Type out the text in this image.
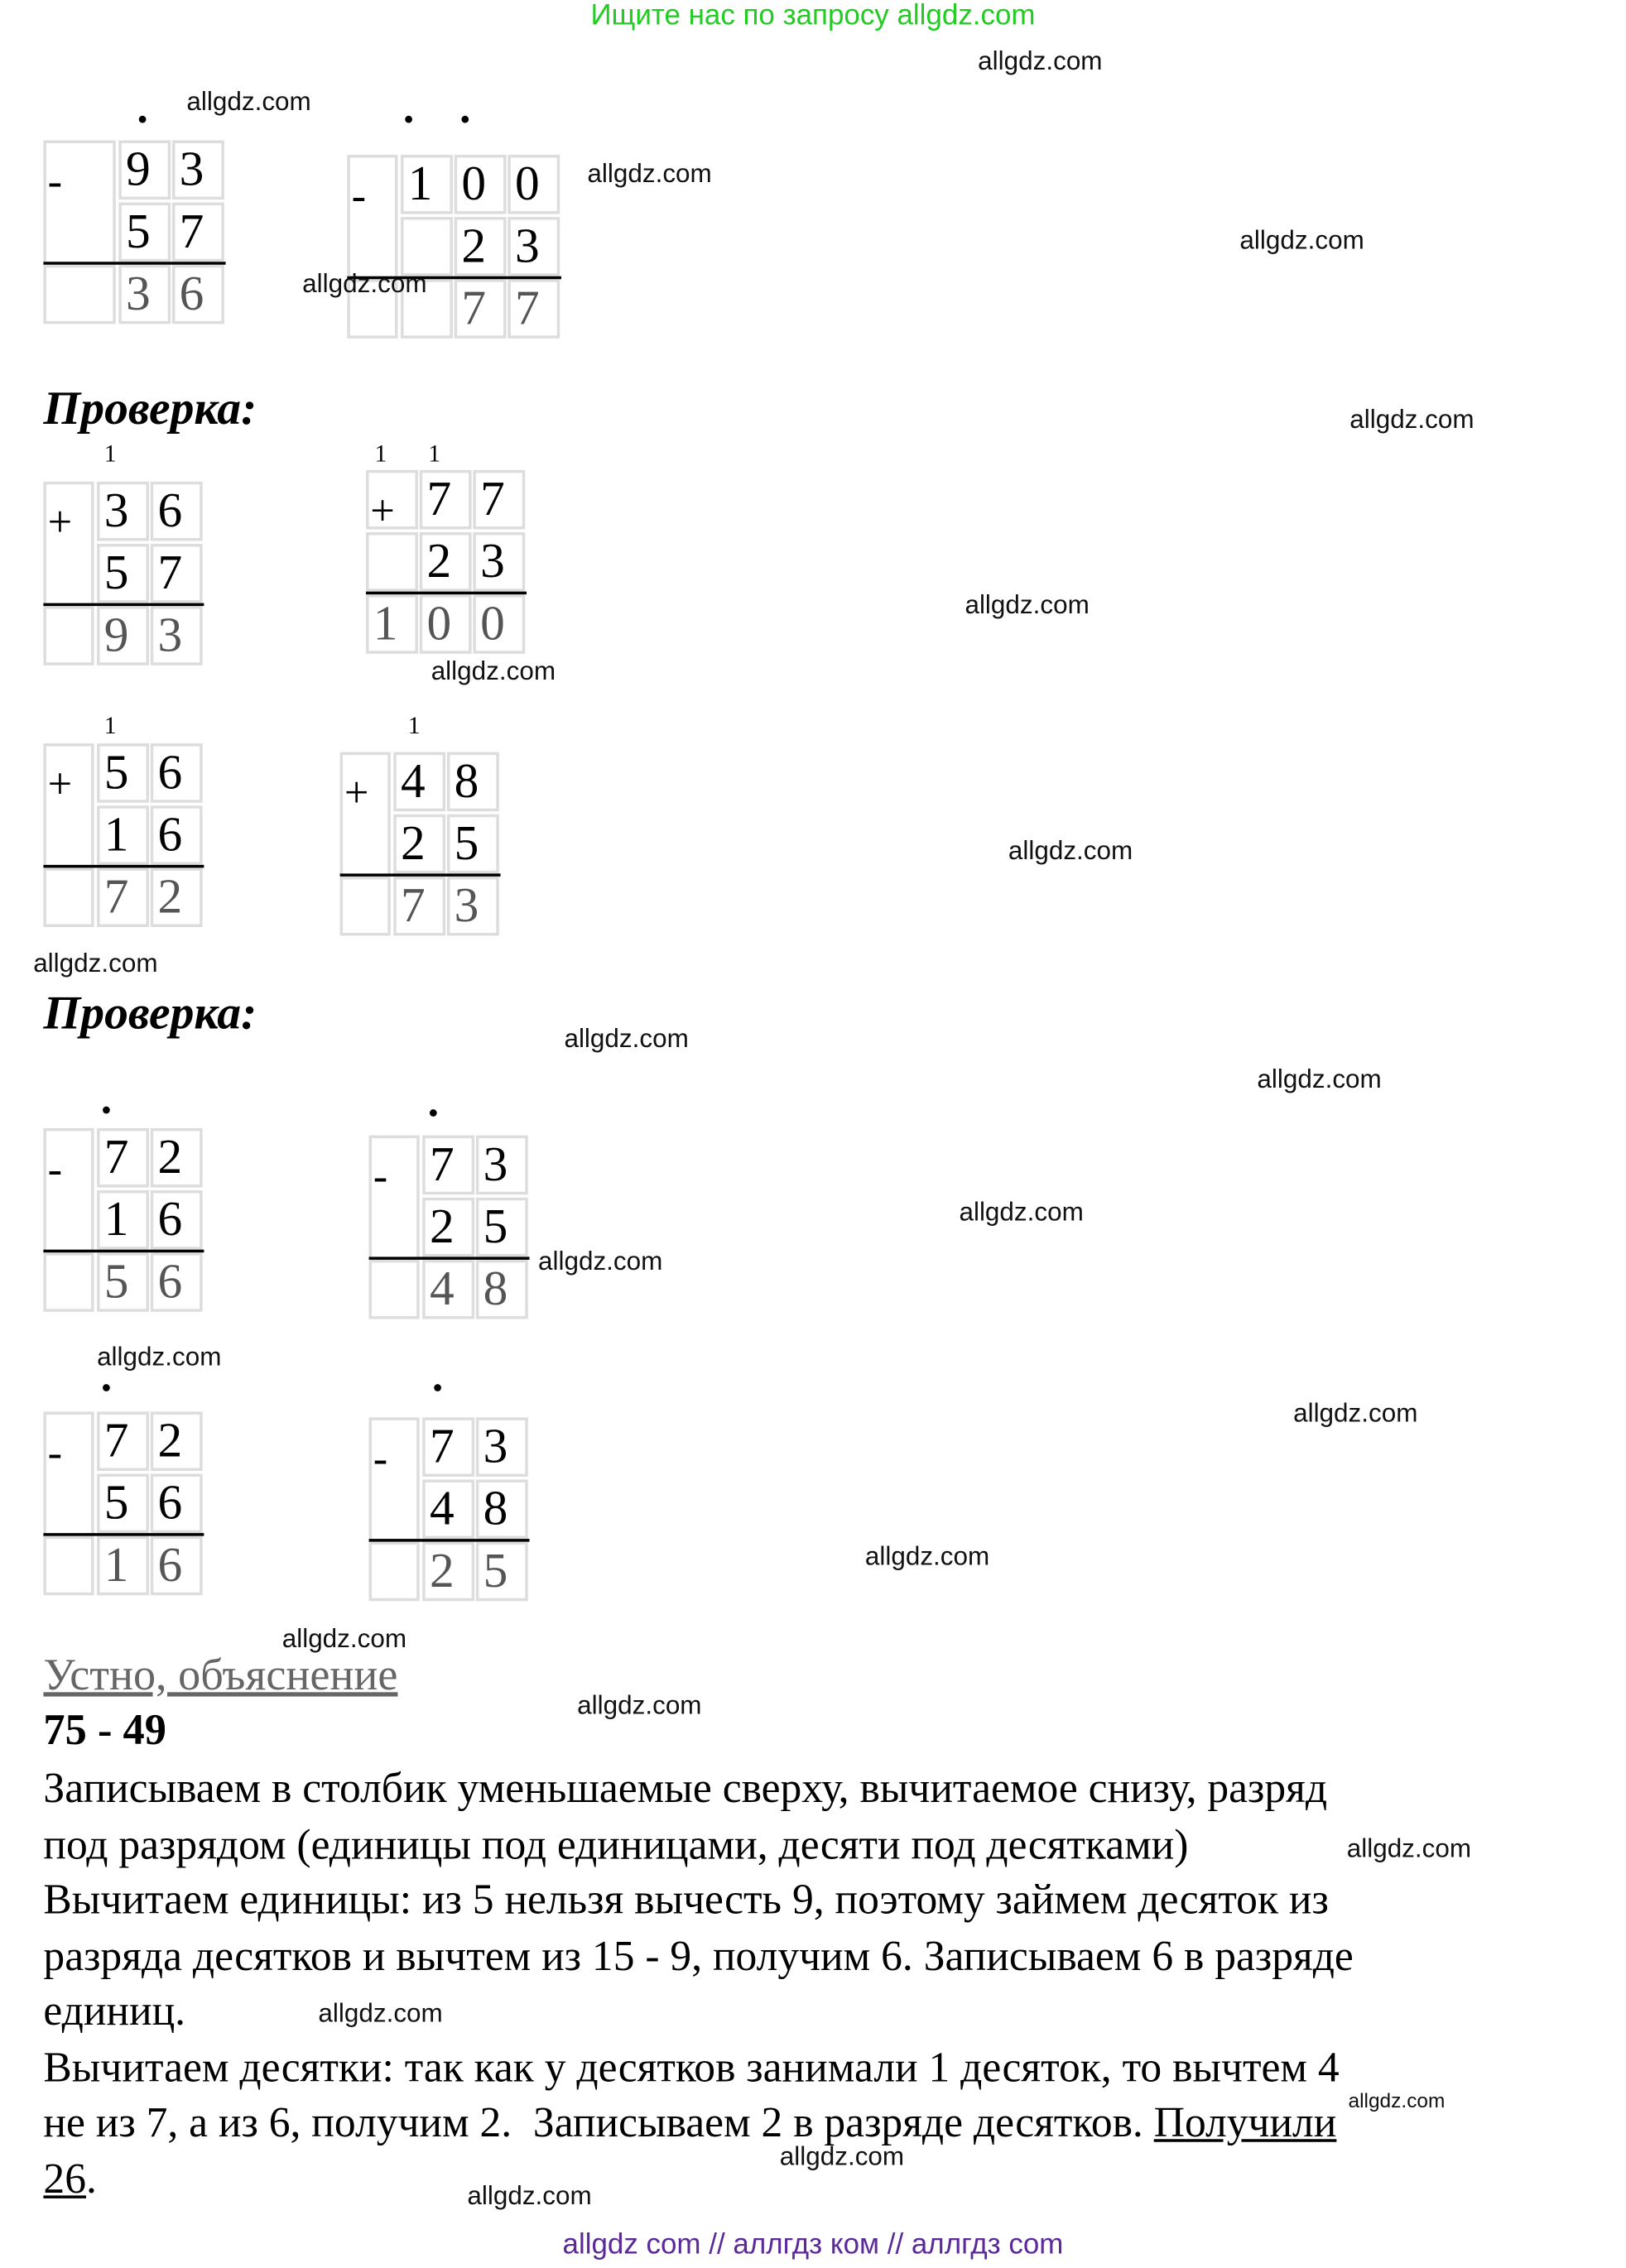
Ищите нас по запросу allgdz.com
Проверка:
Проверка:
- 9	3
5	7
3	6
- 1	0	0
2	3
7	7
+ 3	6
5	7
9	3
1
+ 7	7
2	3
1	0	0
1	1
+ 5	6
1	6
7	2
1
+ 4	8
2	5
7	3
1
- 7	2
1	6
5	6
- 7	3
2	5
4	8
- 7	2
5	6
1	6
- 7	3
4	8
2	5
Устно, объяснение
75 - 49
Записываем в столбик уменьшаемые сверху, вычитаемое снизу, разряд
под разрядом (единицы под единицами, десяти под десятками)
Вычитаем единицы: из 5 нельзя вычесть 9, поэтому займем десяток из
разряда десятков и вычтем из 15 - 9, получим 6. Записываем 6 в разряде
единиц.
Вычитаем десятки: так как у десятков занимали 1 десяток, то вычтем 4
не из 7, а из 6, получим 2.  Записываем 2 в разряде десятков. Получили
26.
allgdz.com
allgdz.com
allgdz.com
allgdz.com
allgdz.com
allgdz.com
allgdz.com
allgdz.com
allgdz.com
allgdz.com
allgdz.com
allgdz.com
allgdz.com
allgdz.com
allgdz.com
allgdz.com
allgdz.com
allgdz.com
allgdz.com
allgdz.com
allgdz.com
allgdz.com
allgdz.com
allgdz.com
allgdz com // аллгдз ком // аллгдз com
